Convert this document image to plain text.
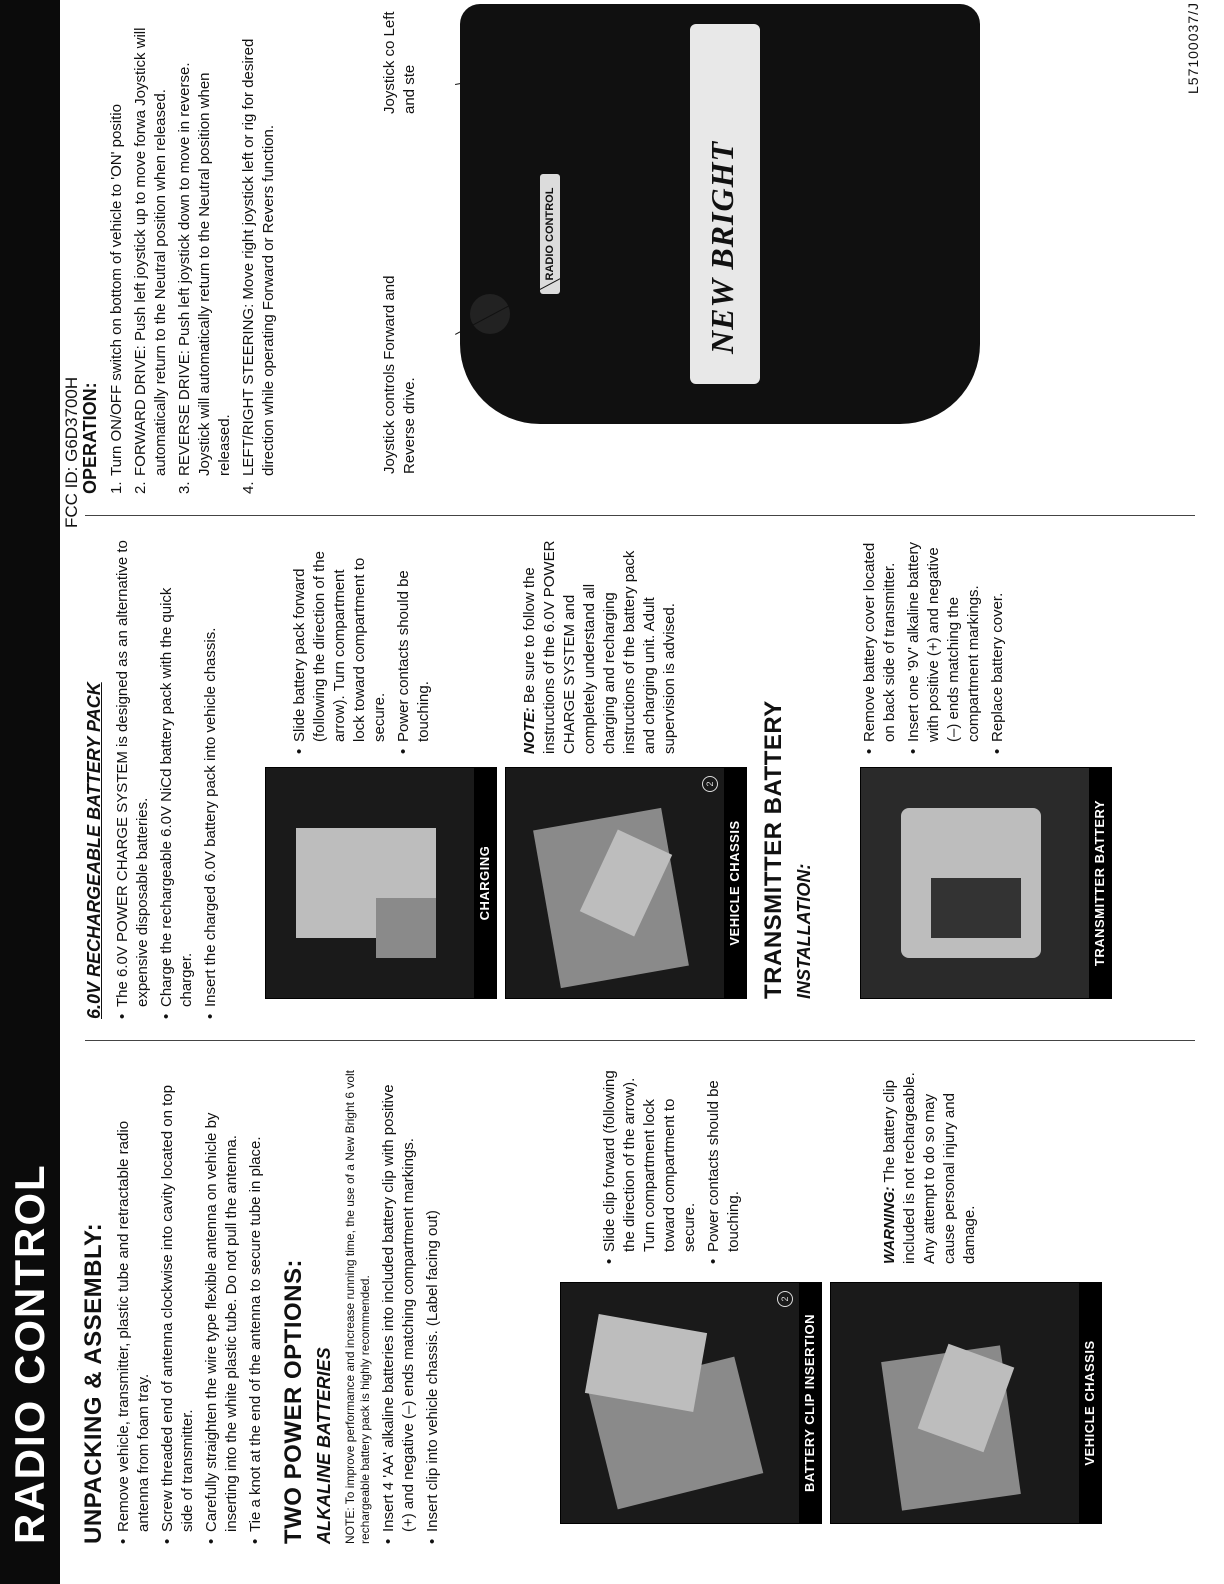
RADIO CONTROL
FCC ID: G6D3700H
UNPACKING & ASSEMBLY: • Remove vehicle, transmitter, plastic tube and retractable radio antenna from foam tray. • Screw threaded end of antenna clockwise into cavity located on top side of transmitter. • Carefully straighten the wire type flexible antenna on vehicle by inserting into the white plastic tube. Do not pull the antenna. • Tie a knot at the end of the antenna to secure tube in place. TWO POWER OPTIONS: ALKALINE BATTERIES NOTE: To improve performance and increase running time, the use of a New Bright 6 volt rechargeable battery pack is highly recommended. • Insert 4 'AA' alkaline batteries into included battery clip with positive (+) and negative (–) ends matching compartment markings. • Insert clip into vehicle chassis. (Label facing out)	2
BATTERY CLIP INSERTION	VEHICLE CHASSIS
• Slide clip forward (following the direction of the arrow). Turn compartment lock toward compartment to secure. • Power contacts should be touching.	WARNING: The battery clip included is not rechargeable. Any attempt to do so may cause personal injury and damage.
6.0V RECHARGEABLE BATTERY PACK • The 6.0V POWER CHARGE SYSTEM is designed as an alternative to expensive disposable batteries. • Charge the rechargeable 6.0V NiCd battery pack with the quick charger. • Insert the charged 6.0V battery pack into vehicle chassis.	CHARGING
2
VEHICLE CHASSIS
• Slide battery pack forward (following the direction of the arrow). Turn compartment lock toward compartment to secure. • Power contacts should be touching.	NOTE: Be sure to follow the instructions of the 6.0V POWER CHARGE SYSTEM and completely understand all charging and recharging instructions of the battery pack and charging unit. Adult supervision is advised.
TRANSMITTER BATTERY INSTALLATION:	TRANSMITTER BATTERY INSERTION
• Remove battery cover located on back side of transmitter. • Insert one '9V' alkaline battery with positive (+) and negative (–) ends matching the compartment markings. • Replace battery cover.
OPERATION: 1. Turn ON/OFF switch on bottom of vehicle to 'ON' positio 2. FORWARD DRIVE: Push left joystick up to move forwa Joystick will automatically return to the Neutral position when released. 3. REVERSE DRIVE: Push left joystick down to move in reverse. Joystick will automatically return to the Neutral position when released. 4. LEFT/RIGHT STEERING: Move right joystick left or rig for desired direction while operating Forward or Revers function.	Joystick controls Forward and Reverse drive.
Joystick co Left and ste
RADIO CONTROL	NEW BRIGHT
L57100037/J
